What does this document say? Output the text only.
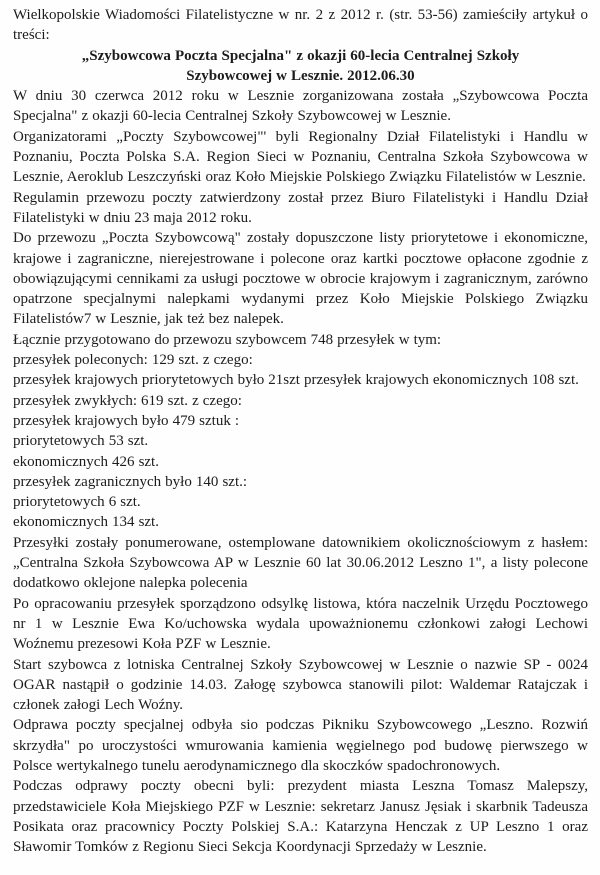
Wielkopolskie Wiadomości Filatelistyczne w nr. 2 z 2012 r. (str. 53-56) zamieściły artykuł o treści:

„Szybowcowa Poczta Specjalna" z okazji 60-lecia Centralnej Szkoły Szybowcowej w Lesznie. 2012.06.30

W dniu 30 czerwca 2012 roku w Lesznie zorganizowana została „Szybowcowa Poczta Specjalna" z okazji 60-lecia Centralnej Szkoły Szybowcowej w Lesznie.

Organizatorami „Poczty Szybowcowej"' byli Regionalny Dział Filatelistyki i Handlu w Poznaniu, Poczta Polska S.A. Region Sieci w Poznaniu, Centralna Szkoła Szybowcowa w Lesznie, Aeroklub Leszczyński oraz Koło Miejskie Polskiego Związku Filatelistów w Lesznie.

Regulamin przewozu poczty zatwierdzony został przez Biuro Filatelistyki i Handlu Dział Filatelistyki w dniu 23 maja 2012 roku.

Do przewozu „Poczta Szybowcową" zostały dopuszczone listy priorytetowe i ekonomiczne, krajowe i zagraniczne, nierejestrowane i polecone oraz kartki pocztowe opłacone zgodnie z obowiązującymi cennikami za usługi pocztowe w obrocie krajowym i zagranicznym, zarówno opatrzone specjalnymi nalepkami wydanymi przez Koło Miejskie Polskiego Związku Filatelistów7 w Lesznie, jak też bez nalepek.

Łącznie przygotowano do przewozu szybowcem 748 przesyłek w tym:

przesyłek poleconych: 129 szt. z czego:

przesyłek krajowych priorytetowych było 21szt przesyłek krajowych ekonomicznych 108 szt.

przesyłek zwykłych: 619 szt. z czego:

przesyłek krajowych było 479 sztuk :

priorytetowych 53 szt.

ekonomicznych 426 szt.

przesyłek zagranicznych było 140 szt.:

priorytetowych 6 szt.

ekonomicznych 134 szt.

Przesyłki zostały ponumerowane, ostemplowane datownikiem okolicznościowym z hasłem: „Centralna Szkoła Szybowcowa AP w Lesznie 60 lat 30.06.2012 Leszno 1", a listy polecone dodatkowo oklejone nalepka polecenia

Po opracowaniu przesyłek sporządzono odsylkę listowa, która naczelnik Urzędu Pocztowego nr 1 w Lesznie Ewa Ko/uchowska wydala upoważnionemu członkowi załogi Lechowi Woźnemu prezesowi Koła PZF w Lesznie.

Start szybowca z lotniska Centralnej Szkoły Szybowcowej w Lesznie o nazwie SP - 0024 OGAR nastąpił o godzinie 14.03. Załogę szybowca stanowili pilot: Waldemar Ratajczak i członek załogi Lech Woźny.

Odprawa poczty specjalnej odbyła sio podczas Pikniku Szybowcowego „Leszno. Rozwiń skrzydła" po uroczystości wmurowania kamienia węgielnego pod budowę pierwszego w Polsce wertykalnego tunelu aerodynamicznego dla skoczków spadochronowych.

Podczas odprawy poczty obecni byli: prezydent miasta Leszna Tomasz Malepszy, przedstawiciele Koła Miejskiego PZF w Lesznie: sekretarz Janusz Jęsiak i skarbnik Tadeusza Posikata oraz pracownicy Poczty Polskiej S.A.: Katarzyna Henczak z UP Leszno 1 oraz Sławomir Tomków z Regionu Sieci Sekcja Koordynacji Sprzedaży w Lesznie.
